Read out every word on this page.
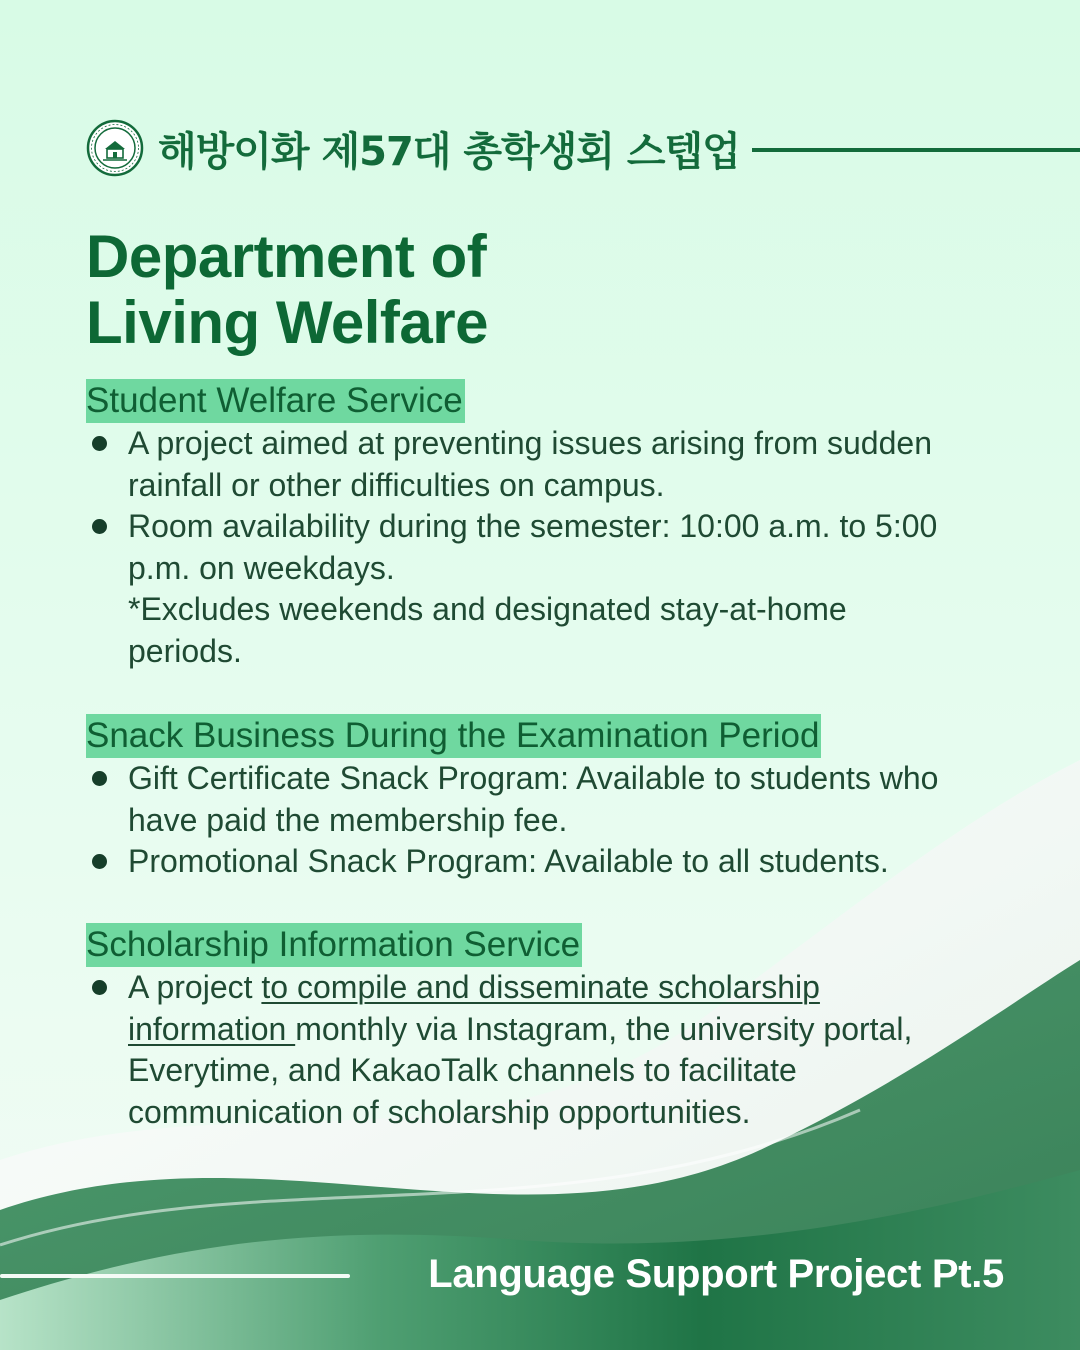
해방이화 제57대 총학생회 스텝업
Department of
Living Welfare
Student Welfare Service
A project aimed at preventing issues arising from sudden
rainfall or other difficulties on campus.
Room availability during the semester: 10:00 a.m. to 5:00
p.m. on weekdays.
*Excludes weekends and designated stay-at-home
periods.
Snack Business During the Examination Period
Gift Certificate Snack Program: Available to students who
have paid the membership fee.
Promotional Snack Program: Available to all students.
Scholarship Information Service
A project to compile and disseminate scholarship
information monthly via Instagram, the university portal,
Everytime, and KakaoTalk channels to facilitate
communication of scholarship opportunities.
Language Support Project Pt.5
